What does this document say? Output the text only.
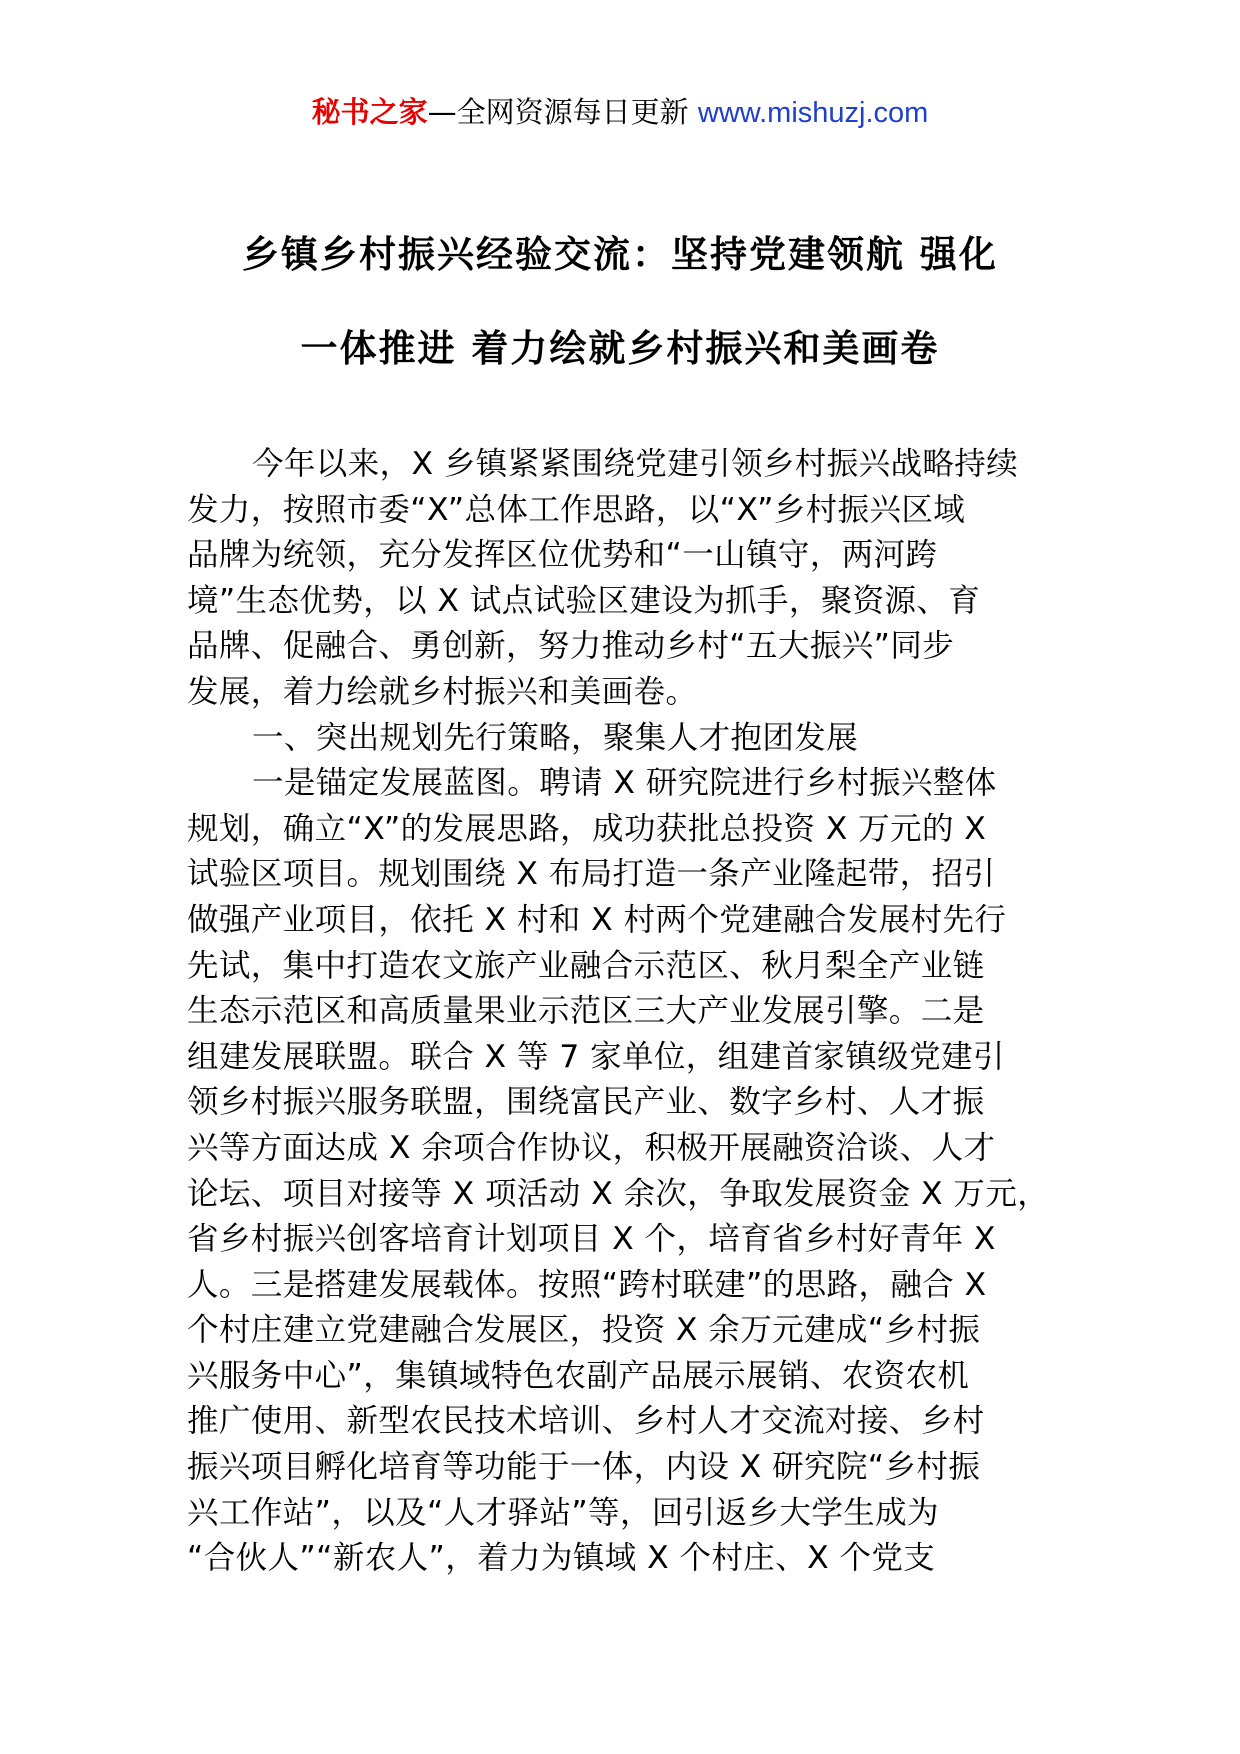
秘书之家—全网资源每日更新 www.mishuzj.com
乡镇乡村振兴经验交流：坚持党建领航 强化
一体推进 着力绘就乡村振兴和美画卷
今年以来，X 乡镇紧紧围绕党建引领乡村振兴战略持续
发力，按照市委“X”总体工作思路，以“X”乡村振兴区域
品牌为统领，充分发挥区位优势和“一山镇守，两河跨
境”生态优势，以 X 试点试验区建设为抓手，聚资源、育
品牌、促融合、勇创新，努力推动乡村“五大振兴”同步
发展，着力绘就乡村振兴和美画卷。
一、突出规划先行策略，聚集人才抱团发展
一是锚定发展蓝图。聘请 X 研究院进行乡村振兴整体
规划，确立“X”的发展思路，成功获批总投资 X 万元的 X
试验区项目。规划围绕 X 布局打造一条产业隆起带，招引
做强产业项目，依托 X 村和 X 村两个党建融合发展村先行
先试，集中打造农文旅产业融合示范区、秋月梨全产业链
生态示范区和高质量果业示范区三大产业发展引擎。二是
组建发展联盟。联合 X 等 7 家单位，组建首家镇级党建引
领乡村振兴服务联盟，围绕富民产业、数字乡村、人才振
兴等方面达成 X 余项合作协议，积极开展融资洽谈、人才
论坛、项目对接等 X 项活动 X 余次，争取发展资金 X 万元，
省乡村振兴创客培育计划项目 X 个，培育省乡村好青年 X
人。三是搭建发展载体。按照“跨村联建”的思路，融合 X
个村庄建立党建融合发展区，投资 X 余万元建成“乡村振
兴服务中心”，集镇域特色农副产品展示展销、农资农机
推广使用、新型农民技术培训、乡村人才交流对接、乡村
振兴项目孵化培育等功能于一体，内设 X 研究院“乡村振
兴工作站”，以及“人才驿站”等，回引返乡大学生成为
“合伙人”“新农人”，着力为镇域 X 个村庄、X 个党支
